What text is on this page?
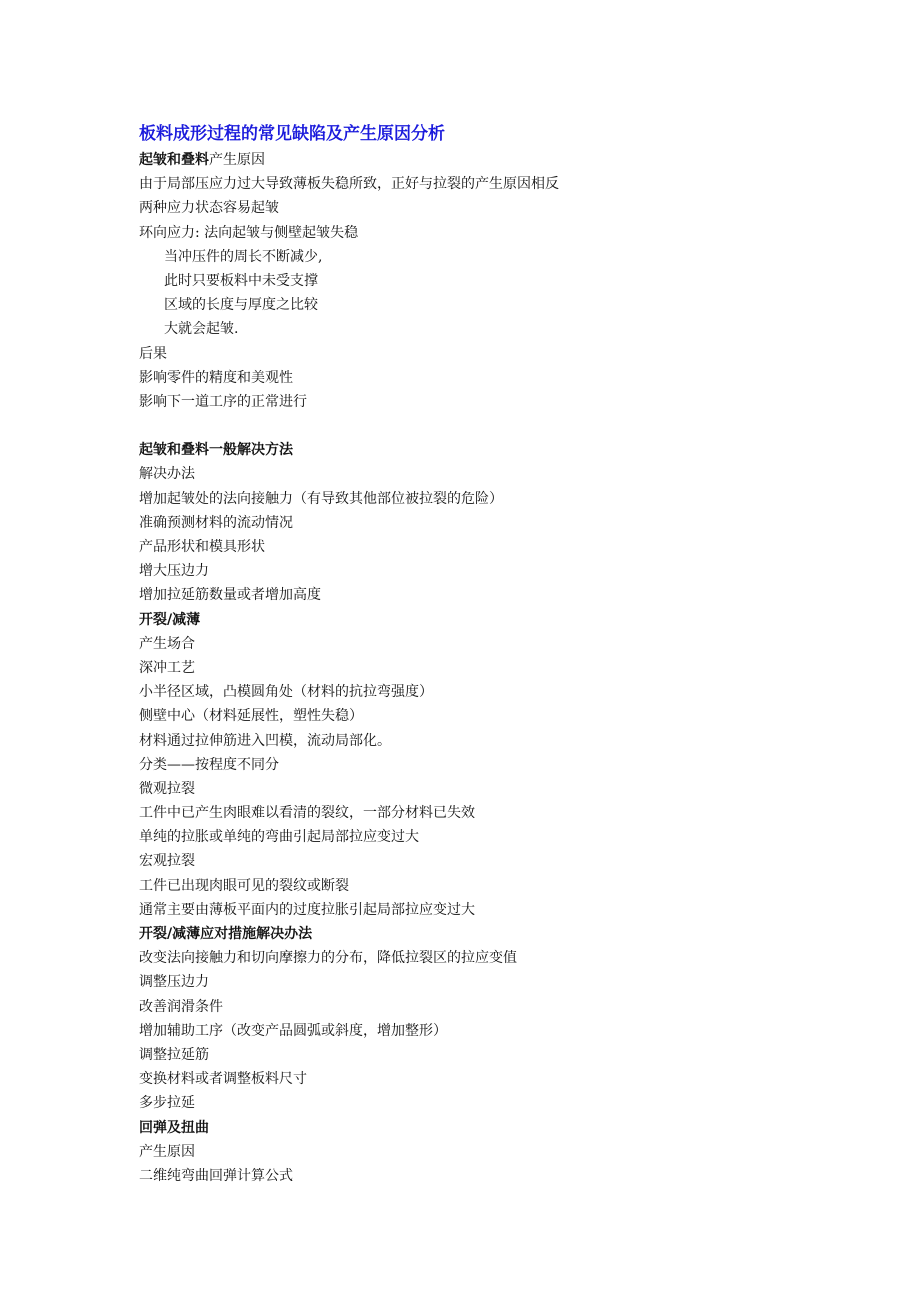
板料成形过程的常见缺陷及产生原因分析

起皱和叠料产生原因

由于局部压应力过大导致薄板失稳所致，正好与拉裂的产生原因相反

两种应力状态容易起皱

环向应力: 法向起皱与侧壁起皱失稳

当冲压件的周长不断减少,

此时只要板料中未受支撑

区域的长度与厚度之比较

大就会起皱.

后果

影响零件的精度和美观性

影响下一道工序的正常进行

起皱和叠料一般解决方法

解决办法

增加起皱处的法向接触力（有导致其他部位被拉裂的危险）

准确预测材料的流动情况

产品形状和模具形状

增大压边力

增加拉延筋数量或者增加高度

开裂/减薄

产生场合

深冲工艺

小半径区域，凸模圆角处（材料的抗拉弯强度）

侧壁中心（材料延展性，塑性失稳）

材料通过拉伸筋进入凹模，流动局部化。

分类——按程度不同分

微观拉裂

工件中已产生肉眼难以看清的裂纹，一部分材料已失效

单纯的拉胀或单纯的弯曲引起局部拉应变过大

宏观拉裂

工件已出现肉眼可见的裂纹或断裂

通常主要由薄板平面内的过度拉胀引起局部拉应变过大

开裂/减薄应对措施解决办法

改变法向接触力和切向摩擦力的分布，降低拉裂区的拉应变值

调整压边力

改善润滑条件

增加辅助工序（改变产品圆弧或斜度，增加整形）

调整拉延筋

变换材料或者调整板料尺寸

多步拉延

回弹及扭曲

产生原因

二维纯弯曲回弹计算公式
